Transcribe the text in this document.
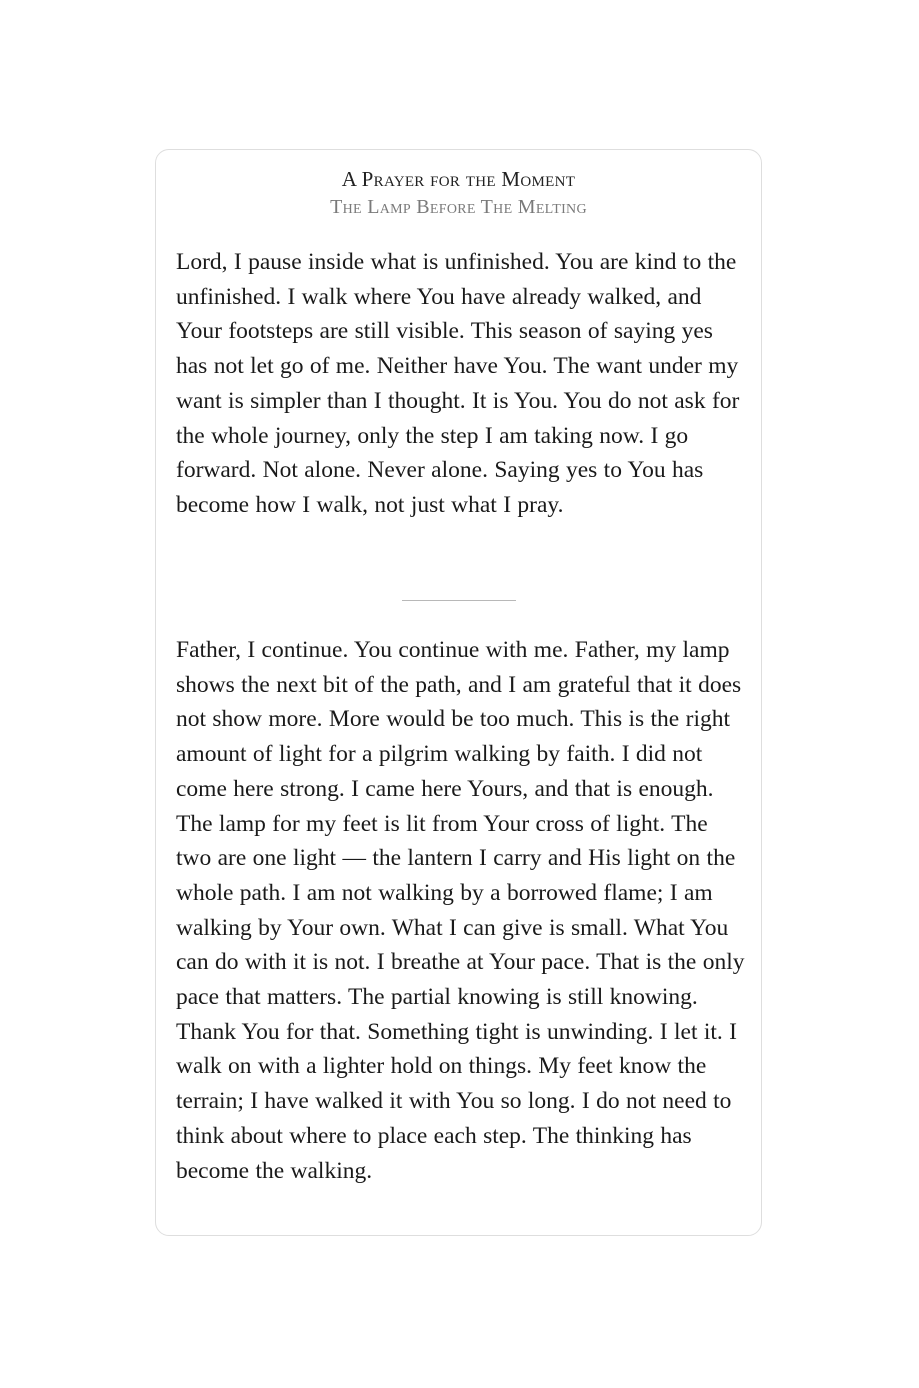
A Prayer for the Moment
The Lamp Before The Melting

Lord, I pause inside what is unfinished. You are kind to the unfinished. I walk where You have already walked, and Your footsteps are still visible. This season of saying yes has not let go of me. Neither have You. The want under my want is simpler than I thought. It is You. You do not ask for the whole journey, only the step I am taking now. I go forward. Not alone. Never alone. Saying yes to You has become how I walk, not just what I pray.

Father, I continue. You continue with me. Father, my lamp shows the next bit of the path, and I am grateful that it does not show more. More would be too much. This is the right amount of light for a pilgrim walking by faith. I did not come here strong. I came here Yours, and that is enough. The lamp for my feet is lit from Your cross of light. The two are one light — the lantern I carry and His light on the whole path. I am not walking by a borrowed flame; I am walking by Your own. What I can give is small. What You can do with it is not. I breathe at Your pace. That is the only pace that matters. The partial knowing is still knowing. Thank You for that. Something tight is unwinding. I let it. I walk on with a lighter hold on things. My feet know the terrain; I have walked it with You so long. I do not need to think about where to place each step. The thinking has become the walking.
